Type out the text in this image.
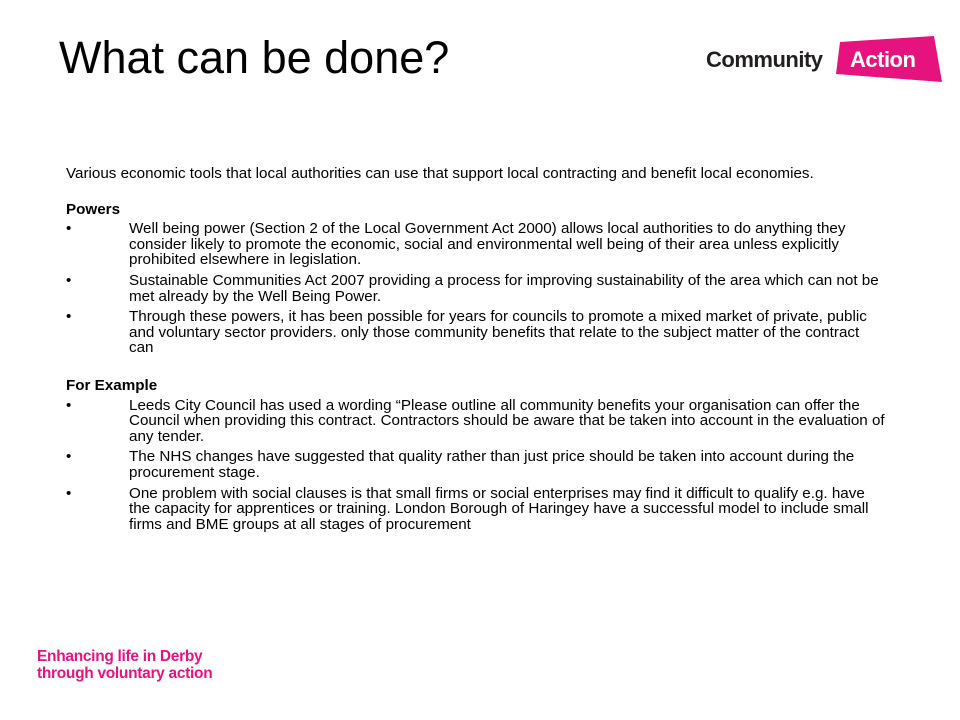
What can be done?	Community Action

Various economic tools that local authorities can use that support local contracting and benefit local economies.

Powers
•	Well being power (Section 2 of the Local Government Act 2000) allows local authorities to do anything they consider likely to promote the economic, social and environmental well being of their area unless explicitly prohibited elsewhere in legislation.
•	Sustainable Communities Act 2007 providing a process for improving sustainability of the area which can not be met already by the Well Being Power.
•	Through these powers, it has been possible for years for councils to promote a mixed market of private, public and voluntary sector providers. only those community benefits that relate to the subject matter of the contract can
For Example
•	Leeds City Council has used a wording “Please outline all community benefits your organisation can offer the Council when providing this contract. Contractors should be aware that be taken into account in the evaluation of any tender.
•	The NHS changes have suggested that quality rather than just price should be taken into account during the procurement stage.
•	One problem with social clauses is that small firms or social enterprises may find it difficult to qualify e.g. have the capacity for apprentices or training. London Borough of Haringey have a successful model to include small firms and BME groups at all stages of procurement
Enhancing life in Derby
through voluntary action
